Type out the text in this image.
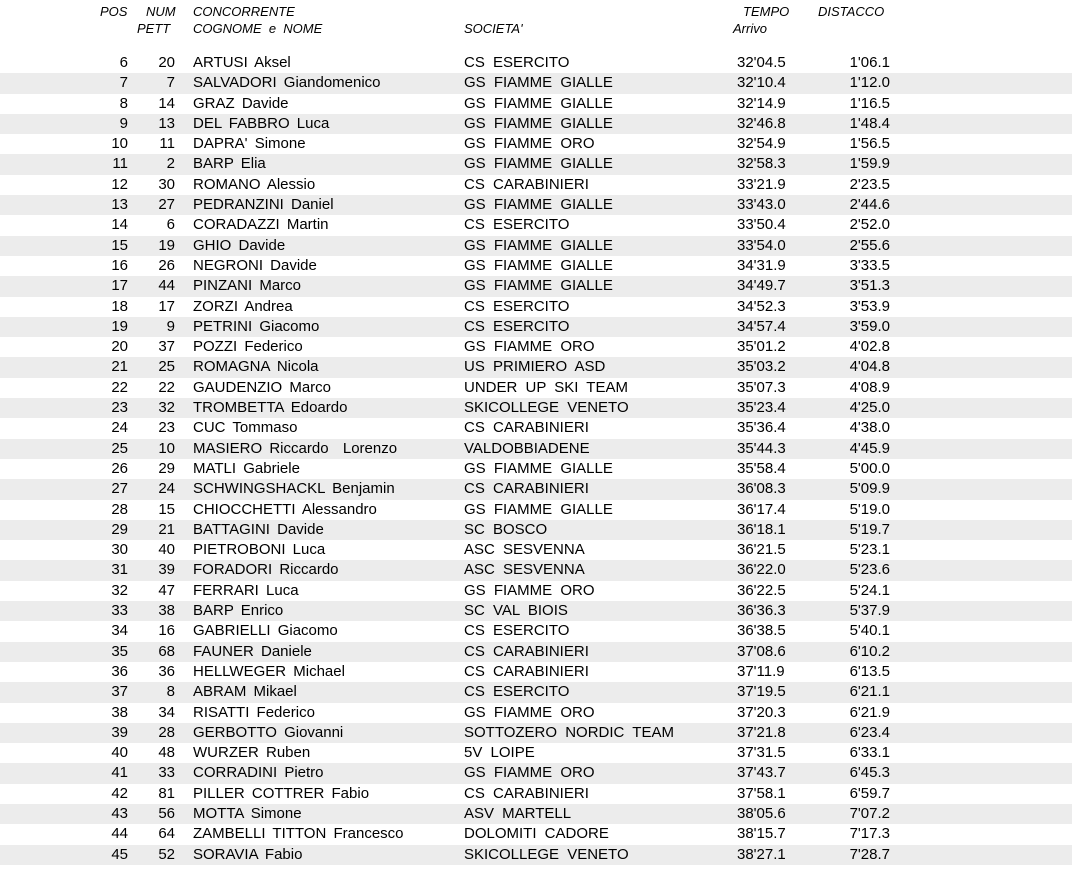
POS NUM
PETT
CONCORRENTE
COGNOME  e  NOME	SOCIETA'
TEMPO
Arrivo
DISTACCO
6 20 ARTUSI Aksel	CS ESERCITO	32'04.5	1'06.1
7	7 SALVADORI Giandomenico	GS FIAMME GIALLE	32'10.4	1'12.0
8 14 GRAZ Davide	GS FIAMME GIALLE	32'14.9	1'16.5
9 13 DEL FABBRO Luca	GS FIAMME GIALLE	32'46.8	1'48.4
10 11 DAPRA' Simone	GS FIAMME ORO	32'54.9	1'56.5
11	2 BARP Elia	GS FIAMME GIALLE	32'58.3	1'59.9
12 30 ROMANO Alessio	CS CARABINIERI	33'21.9	2'23.5
13 27 PEDRANZINI Daniel	GS FIAMME GIALLE	33'43.0	2'44.6
14	6 CORADAZZI Martin	CS ESERCITO	33'50.4	2'52.0
15 19 GHIO Davide	GS FIAMME GIALLE	33'54.0	2'55.6
16 26 NEGRONI Davide	GS FIAMME GIALLE	34'31.9	3'33.5
17 44 PINZANI Marco	GS FIAMME GIALLE	34'49.7	3'51.3
18 17 ZORZI Andrea	CS ESERCITO	34'52.3	3'53.9
19	9 PETRINI Giacomo	CS ESERCITO	34'57.4	3'59.0
20 37 POZZI Federico	GS FIAMME ORO	35'01.2	4'02.8
21 25 ROMAGNA Nicola	US PRIMIERO ASD	35'03.2	4'04.8
22 22 GAUDENZIO Marco	UNDER UP SKI TEAM	35'07.3	4'08.9
23 32 TROMBETTA Edoardo	SKICOLLEGE VENETO	35'23.4	4'25.0
24 23 CUC Tommaso	CS CARABINIERI	35'36.4	4'38.0
25 10 MASIERO Riccardo  Lorenzo	VALDOBBIADENE	35'44.3	4'45.9
26 29 MATLI Gabriele	GS FIAMME GIALLE	35'58.4	5'00.0
27 24 SCHWINGSHACKL Benjamin	CS CARABINIERI	36'08.3	5'09.9
28 15 CHIOCCHETTI Alessandro	GS FIAMME GIALLE	36'17.4	5'19.0
29 21 BATTAGINI Davide	SC BOSCO	36'18.1	5'19.7
30 40 PIETROBONI Luca	ASC SESVENNA	36'21.5	5'23.1
31 39 FORADORI Riccardo	ASC SESVENNA	36'22.0	5'23.6
32 47 FERRARI Luca	GS FIAMME ORO	36'22.5	5'24.1
33 38 BARP Enrico	SC VAL BIOIS	36'36.3	5'37.9
34 16 GABRIELLI Giacomo	CS ESERCITO	36'38.5	5'40.1
35 68 FAUNER Daniele	CS CARABINIERI	37'08.6	6'10.2
36 36 HELLWEGER Michael	CS CARABINIERI	37'11.9	6'13.5
37	8 ABRAM Mikael	CS ESERCITO	37'19.5	6'21.1
38 34 RISATTI Federico	GS FIAMME ORO	37'20.3	6'21.9
39 28 GERBOTTO Giovanni	SOTTOZERO NORDIC TEAM	37'21.8	6'23.4
40 48 WURZER Ruben	5V LOIPE	37'31.5	6'33.1
41 33 CORRADINI Pietro	GS FIAMME ORO	37'43.7	6'45.3
42 81 PILLER COTTRER Fabio	CS CARABINIERI	37'58.1	6'59.7
43 56 MOTTA Simone	ASV MARTELL	38'05.6	7'07.2
44 64 ZAMBELLI TITTON Francesco	DOLOMITI CADORE	38'15.7	7'17.3
45 52 SORAVIA Fabio	SKICOLLEGE VENETO	38'27.1	7'28.7
